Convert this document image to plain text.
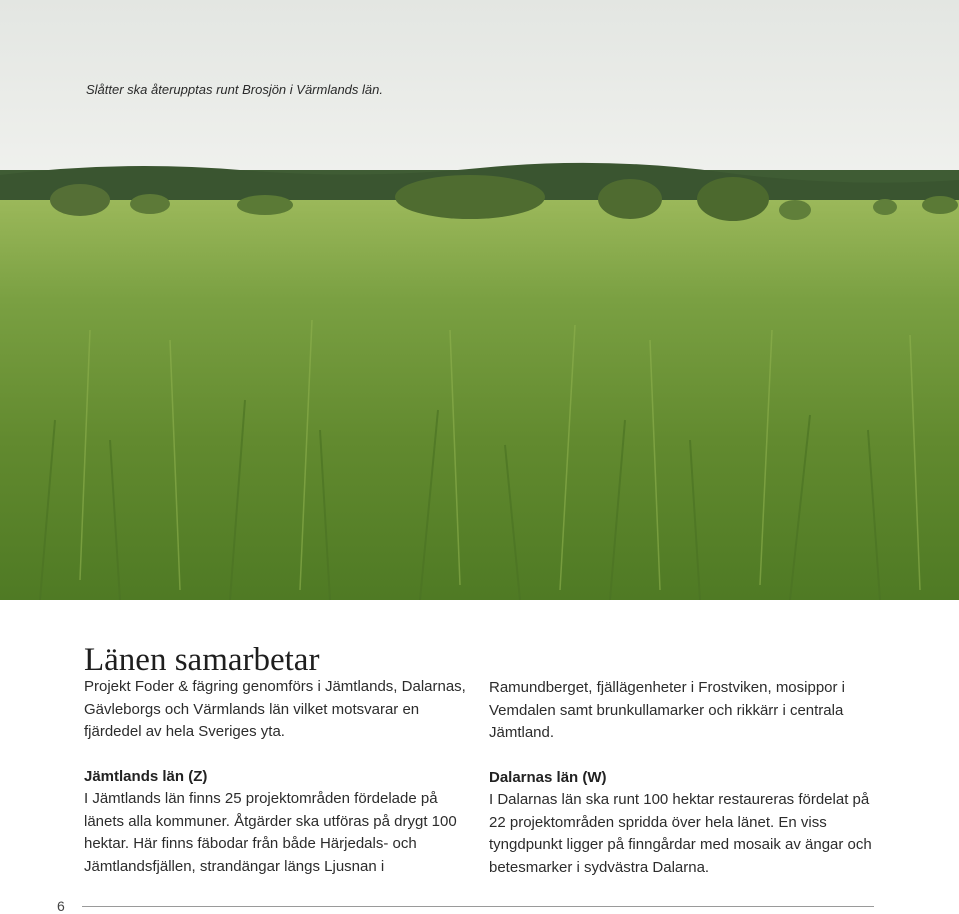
Slåtter ska återupptas runt Brosjön i Värmlands län.
Länen samarbetar

Projekt Foder & fägring genomförs i Jämtlands, Dalarnas, Gävleborgs och Värmlands län vilket motsvarar en fjärdedel av hela Sveriges yta.

Jämtlands län (Z)

I Jämtlands län finns 25 projektområden fördelade på länets alla kommuner. Åtgärder ska utföras på drygt 100 hektar. Här finns fäbodar från både Härjedals- och Jämtlandsfjällen, strandängar längs Ljusnan i

Ramundberget, fjällägenheter i Frostviken, mosippor i Vemdalen samt brunkullamarker och rikkärr i centrala Jämtland.

Dalarnas län (W)

I Dalarnas län ska runt 100 hektar restaureras fördelat på 22 projektområden spridda över hela länet. En viss tyngdpunkt ligger på finngårdar med mosaik av ängar och betesmarker i sydvästra Dalarna.

6
